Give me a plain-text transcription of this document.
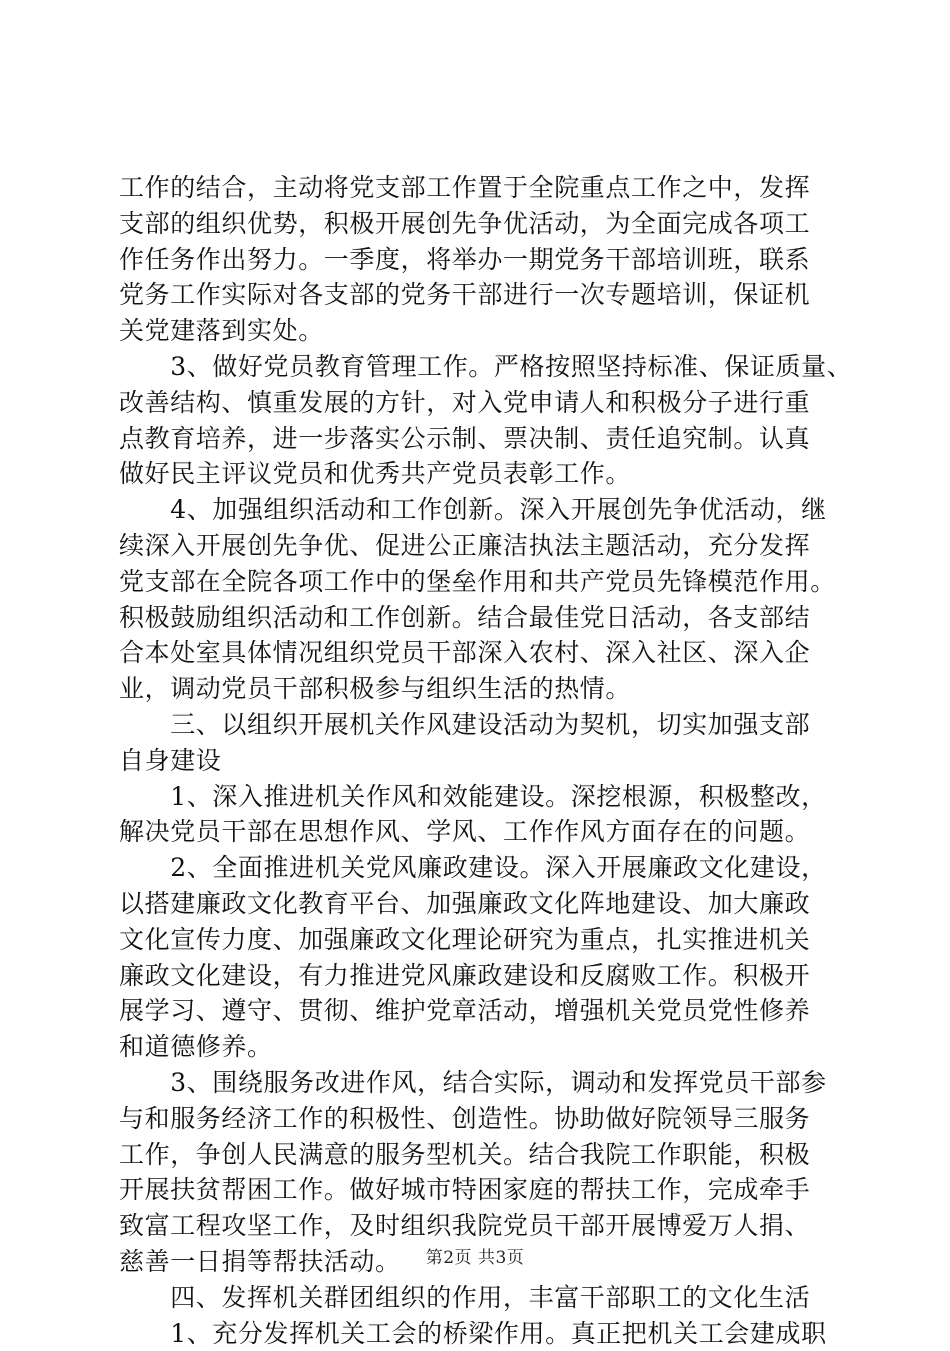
工作的结合，主动将党支部工作置于全院重点工作之中，发挥
支部的组织优势，积极开展创先争优活动，为全面完成各项工
作任务作出努力。一季度，将举办一期党务干部培训班，联系
党务工作实际对各支部的党务干部进行一次专题培训，保证机
关党建落到实处。
　　3、做好党员教育管理工作。严格按照坚持标准、保证质量、
改善结构、慎重发展的方针，对入党申请人和积极分子进行重
点教育培养，进一步落实公示制、票决制、责任追究制。认真
做好民主评议党员和优秀共产党员表彰工作。
　　4、加强组织活动和工作创新。深入开展创先争优活动，继
续深入开展创先争优、促进公正廉洁执法主题活动，充分发挥
党支部在全院各项工作中的堡垒作用和共产党员先锋模范作用。
积极鼓励组织活动和工作创新。结合最佳党日活动，各支部结
合本处室具体情况组织党员干部深入农村、深入社区、深入企
业，调动党员干部积极参与组织生活的热情。
　　三、以组织开展机关作风建设活动为契机，切实加强支部
自身建设
　　1、深入推进机关作风和效能建设。深挖根源，积极整改，
解决党员干部在思想作风、学风、工作作风方面存在的问题。
　　2、全面推进机关党风廉政建设。深入开展廉政文化建设，
以搭建廉政文化教育平台、加强廉政文化阵地建设、加大廉政
文化宣传力度、加强廉政文化理论研究为重点，扎实推进机关
廉政文化建设，有力推进党风廉政建设和反腐败工作。积极开
展学习、遵守、贯彻、维护党章活动，增强机关党员党性修养
和道德修养。
　　3、围绕服务改进作风，结合实际，调动和发挥党员干部参
与和服务经济工作的积极性、创造性。协助做好院领导三服务
工作，争创人民满意的服务型机关。结合我院工作职能，积极
开展扶贫帮困工作。做好城市特困家庭的帮扶工作，完成牵手
致富工程攻坚工作，及时组织我院党员干部开展博爱万人捐、
慈善一日捐等帮扶活动。
　　四、发挥机关群团组织的作用，丰富干部职工的文化生活
　　1、充分发挥机关工会的桥梁作用。真正把机关工会建成职
第2页 共3页
